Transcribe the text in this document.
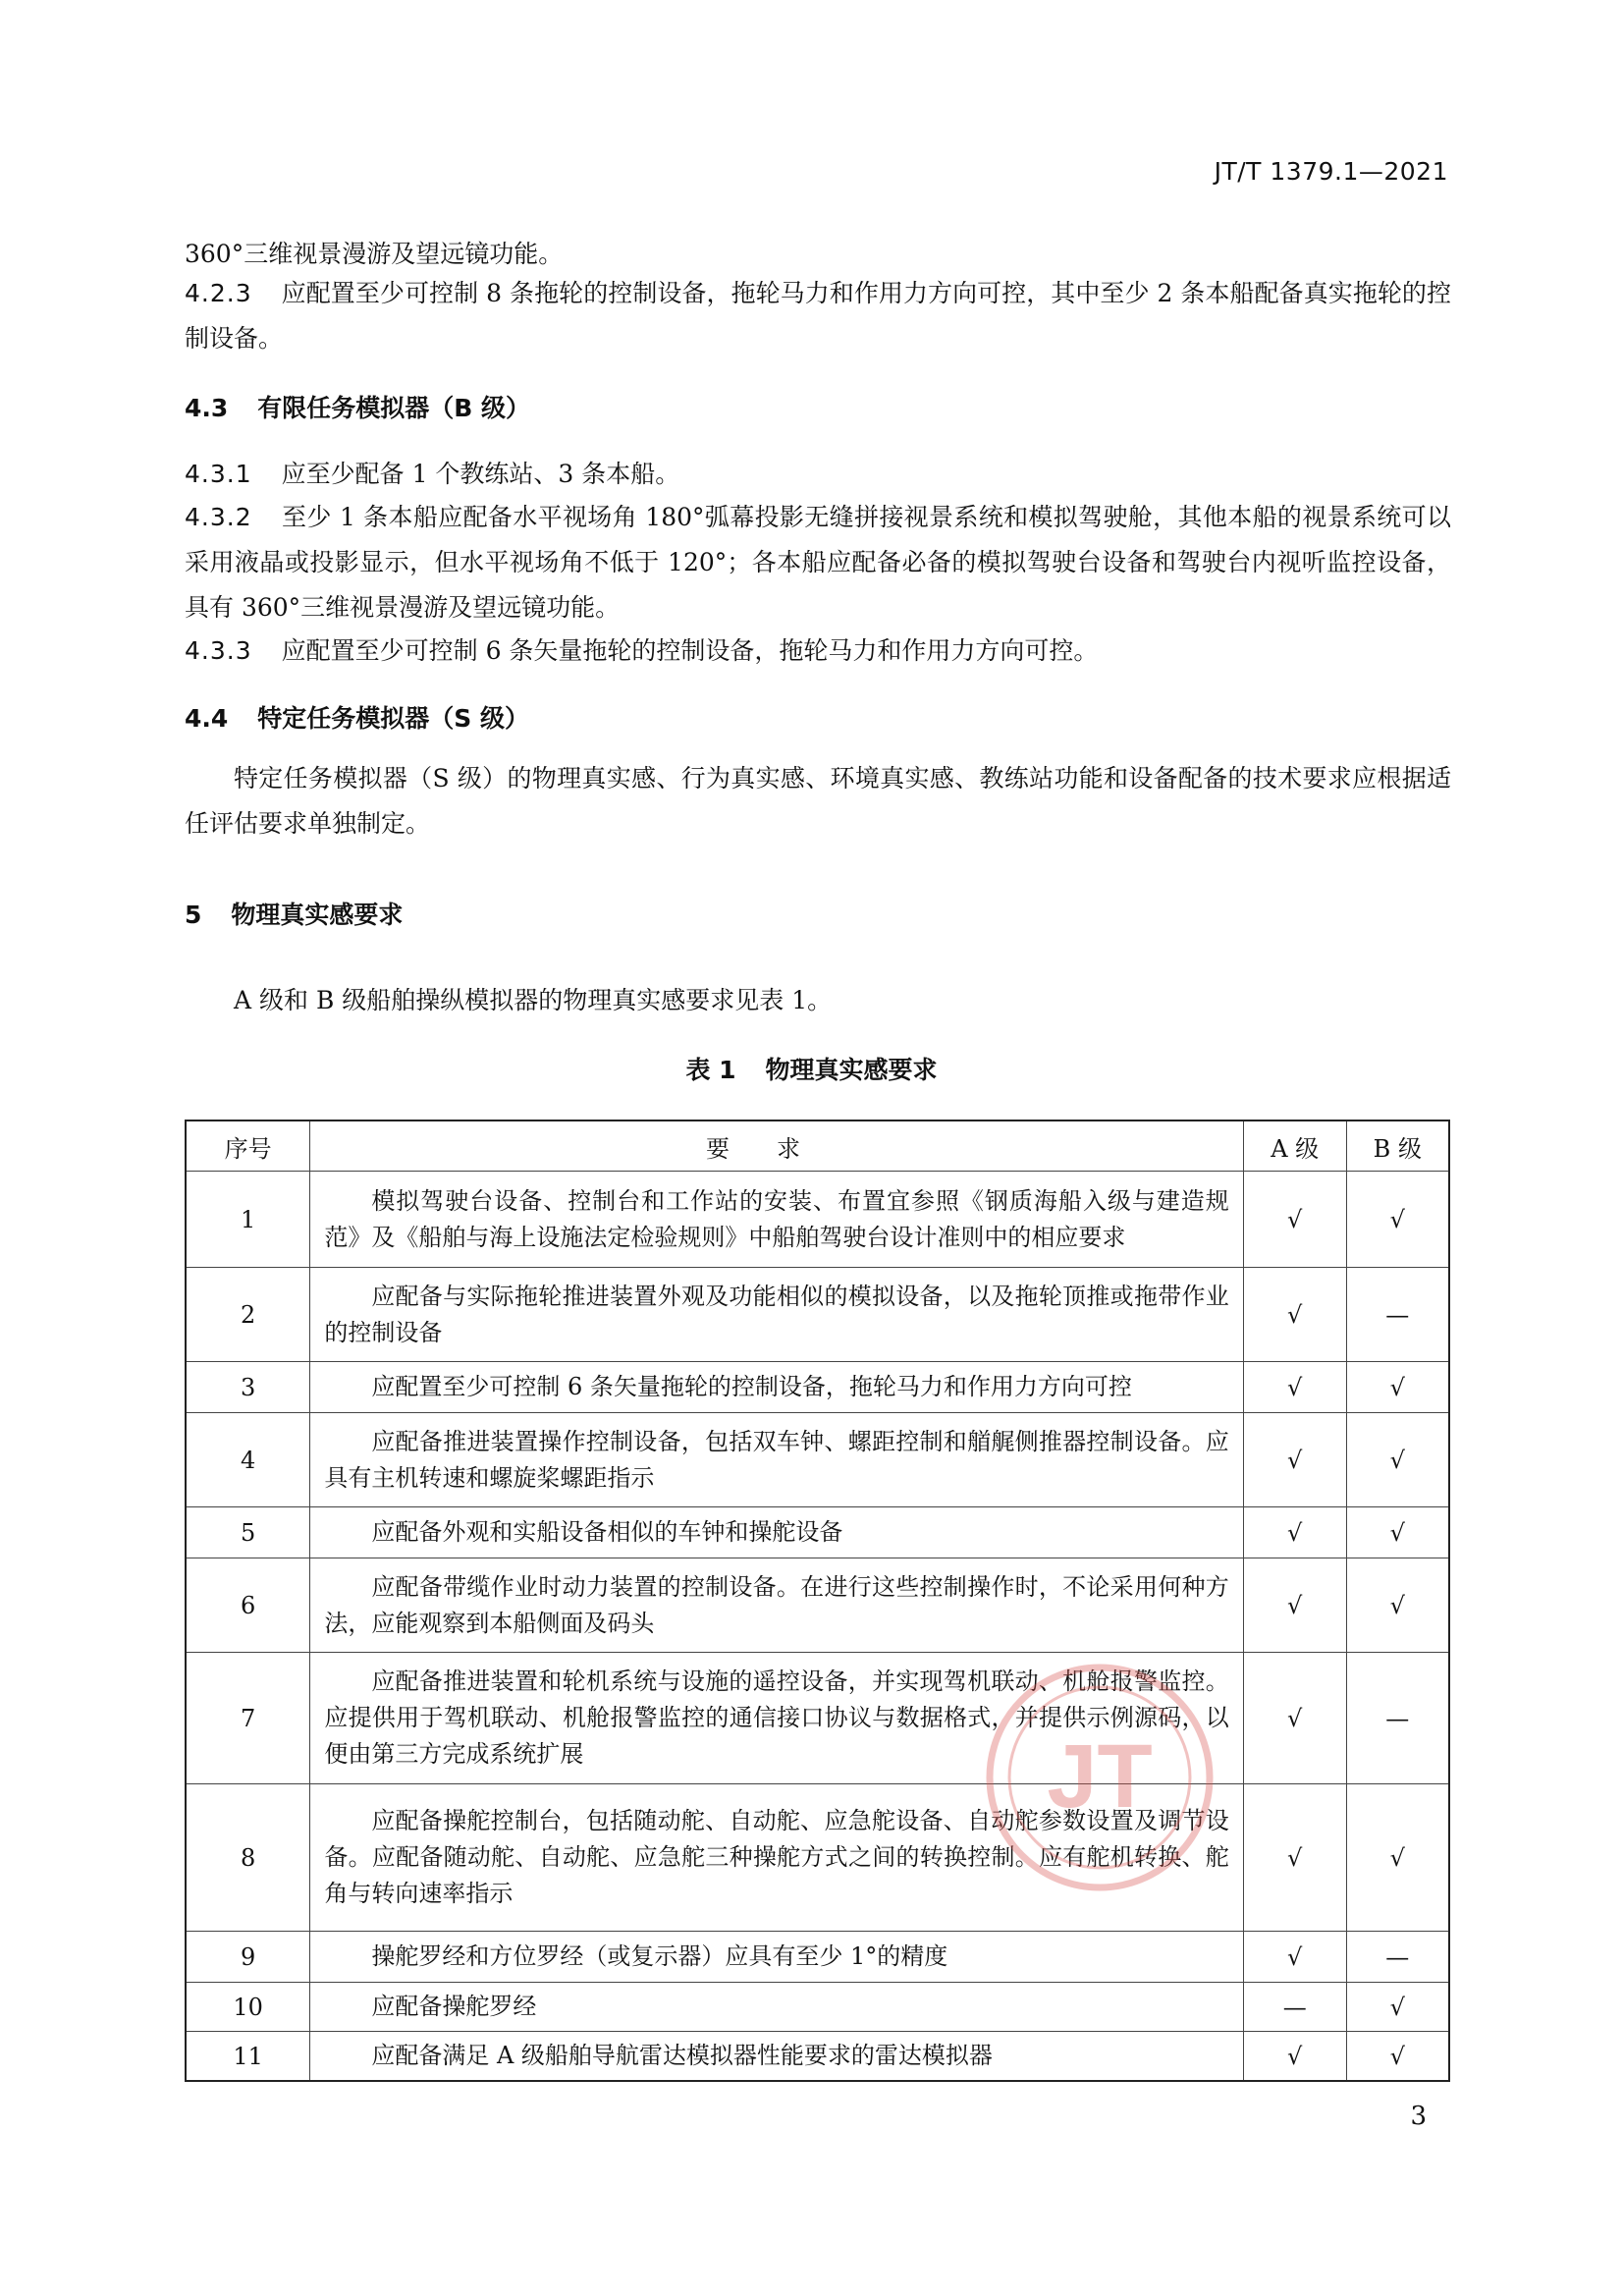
JT/T 1379.1—2021
360°三维视景漫游及望远镜功能。
4.2.3 应配置至少可控制 8 条拖轮的控制设备，拖轮马力和作用力方向可控，其中至少 2 条本船配备真实拖轮的控制设备。
4.3 有限任务模拟器（B 级）
4.3.1 应至少配备 1 个教练站、3 条本船。
4.3.2 至少 1 条本船应配备水平视场角 180°弧幕投影无缝拼接视景系统和模拟驾驶舱，其他本船的视景系统可以采用液晶或投影显示，但水平视场角不低于 120°；各本船应配备必备的模拟驾驶台设备和驾驶台内视听监控设备，具有 360°三维视景漫游及望远镜功能。
4.3.3 应配置至少可控制 6 条矢量拖轮的控制设备，拖轮马力和作用力方向可控。
4.4 特定任务模拟器（S 级）
特定任务模拟器（S 级）的物理真实感、行为真实感、环境真实感、教练站功能和设备配备的技术要求应根据适任评估要求单独制定。
5 物理真实感要求
A 级和 B 级船舶操纵模拟器的物理真实感要求见表 1。
表 1 物理真实感要求
序号	要求	A 级	B 级
1	模拟驾驶台设备、控制台和工作站的安装、布置宜参照《钢质海船入级与建造规范》及《船舶与海上设施法定检验规则》中船舶驾驶台设计准则中的相应要求	√	√
2	应配备与实际拖轮推进装置外观及功能相似的模拟设备，以及拖轮顶推或拖带作业的控制设备	√	—
3	应配置至少可控制 6 条矢量拖轮的控制设备，拖轮马力和作用力方向可控	√	√
4	应配备推进装置操作控制设备，包括双车钟、螺距控制和艏艉侧推器控制设备。应具有主机转速和螺旋桨螺距指示	√	√
5	应配备外观和实船设备相似的车钟和操舵设备	√	√
6	应配备带缆作业时动力装置的控制设备。在进行这些控制操作时，不论采用何种方法，应能观察到本船侧面及码头	√	√
7	应配备推进装置和轮机系统与设施的遥控设备，并实现驾机联动、机舱报警监控。应提供用于驾机联动、机舱报警监控的通信接口协议与数据格式，并提供示例源码，以便由第三方完成系统扩展	√	—
8	应配备操舵控制台，包括随动舵、自动舵、应急舵设备、自动舵参数设置及调节设备。应配备随动舵、自动舵、应急舵三种操舵方式之间的转换控制。应有舵机转换、舵角与转向速率指示	√	√
9	操舵罗经和方位罗经（或复示器）应具有至少 1°的精度	√	—
10	应配备操舵罗经	—	√
11	应配备满足 A 级船舶导航雷达模拟器性能要求的雷达模拟器	√	√
JT
3
